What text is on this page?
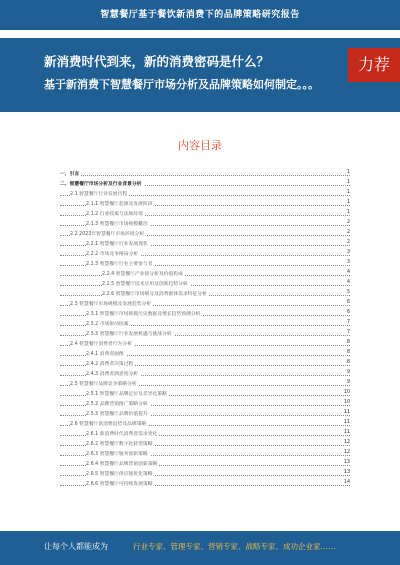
智慧餐厅基于餐饮新消费下的品牌策略研究报告
新消费时代到来，新的消费密码是什么？
基于新消费下智慧餐厅市场分析及品牌策略如何制定。。。
力荐
内容目录
一、引言	1
二、智慧餐厅市场分析及行业背景分析	1
2.1 智慧餐厅行业发展历程	1
2.1.1 智慧餐厅起源及发展阶段	1
2.1.2 行业政策与法规环境	1
2.1.3 智慧餐厅市场规模概况	2
2.2 2023年智慧餐厅市场环境分析	2
2.2.1 智慧餐厅行业发展现状	2
2.2.2 市场竞争格局分析	3
2.2.3 智慧餐厅行业主要参与者	3
2.2.4 智慧餐厅产业链分析及价值构成	4
2.2.5 智慧餐厅技术应用及创新趋势分析	4
2.2.6 智慧餐厅市场细分及消费群体需求特征分析	5
2.3 智慧餐厅市场规模及发展趋势分析	6
2.3.1 智慧餐厅市场规模历史数据及增长趋势预测分析	6
2.3.2 市场驱动因素	7
2.3.3 智慧餐厅行业发展机遇与挑战分析	7
2.4 智慧餐厅消费者行为分析	8
2.4.1 消费者画像	8
2.4.2 消费者决策过程	8
2.4.3 消费者满意度分析	9
2.5 智慧餐厅品牌竞争策略分析	9
2.5.1 智慧餐厅品牌定位及差异化策略	10
2.5.2 品牌营销推广策略分析	10
2.5.3 智慧餐厅品牌价值提升	11
2.6 智慧餐厅新消费趋势及品牌策略	11
2.6.1 新消费时代消费者需求变化	11
2.6.2 智慧餐厅数字化转型策略	12
2.6.3 智慧餐厅服务创新策略	12
2.6.4 智慧餐厅品牌营销创新策略	13
2.6.5 智慧餐厅供应链优化策略	13
2.6.6 智慧餐厅可持续发展策略	14
让每个人都能成为	行业专家、管理专家、营销专家、战略专家、成功企业家……
